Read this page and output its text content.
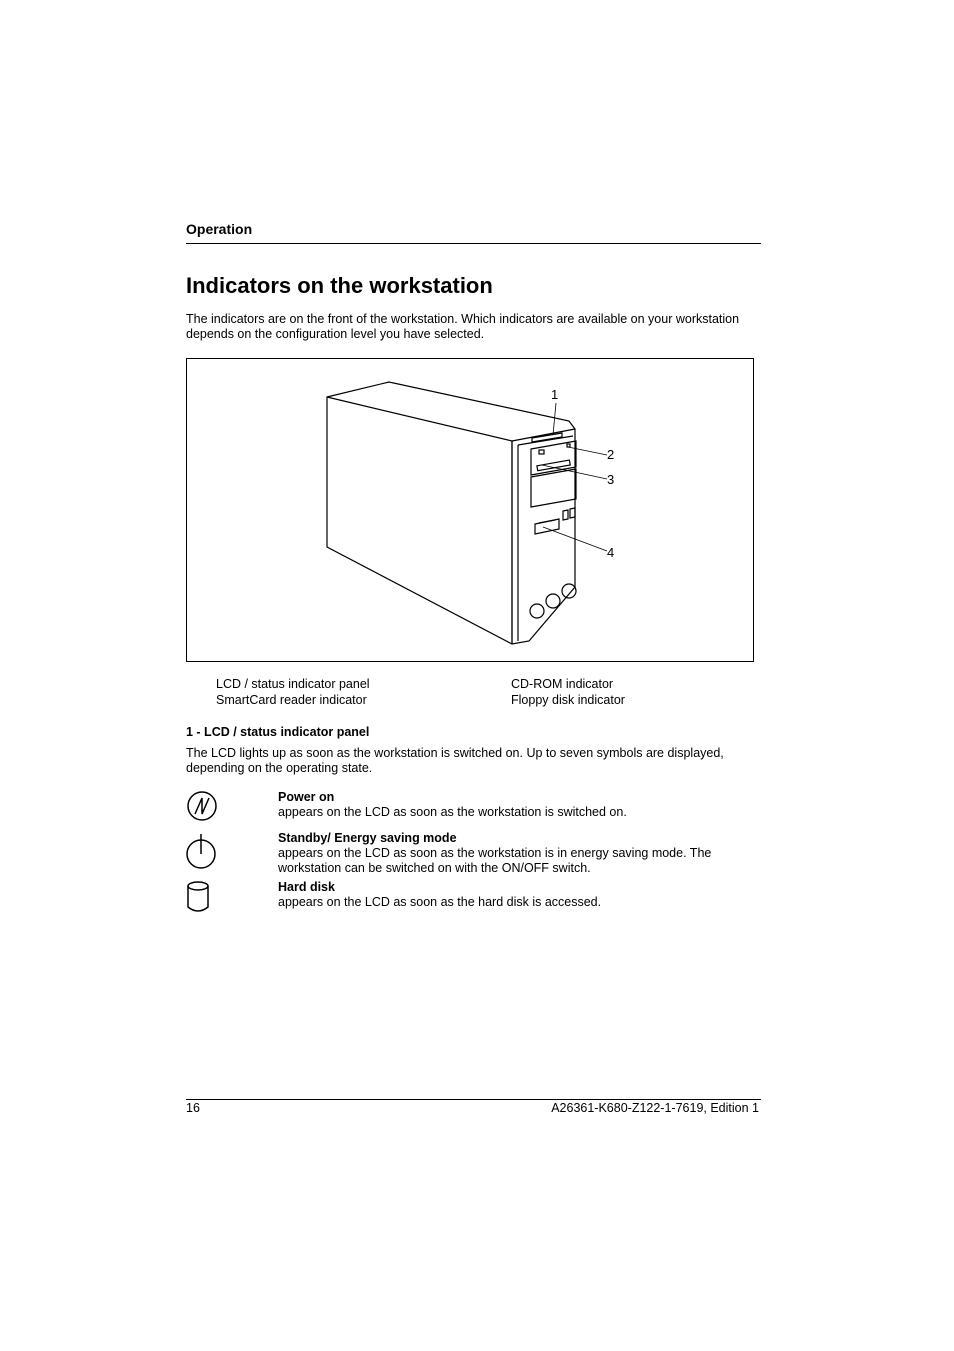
Operation
Indicators on the workstation
The indicators are on the front of the workstation. Which indicators are available on your workstation depends on the configuration level you have selected.
1
2
3
4
LCD / status indicator panel
SmartCard reader indicator
CD-ROM indicator
Floppy disk indicator
1 - LCD / status indicator panel
The LCD lights up as soon as the workstation is switched on. Up to seven symbols are displayed, depending on the operating state.
Power on
appears on the LCD as soon as the workstation is switched on.
Standby/ Energy saving mode
appears on the LCD as soon as the workstation is in energy saving mode. The workstation can be switched on with the ON/OFF switch.
Hard disk
appears on the LCD as soon as the hard disk is accessed.
16	A26361-K680-Z122-1-7619, Edition 1
